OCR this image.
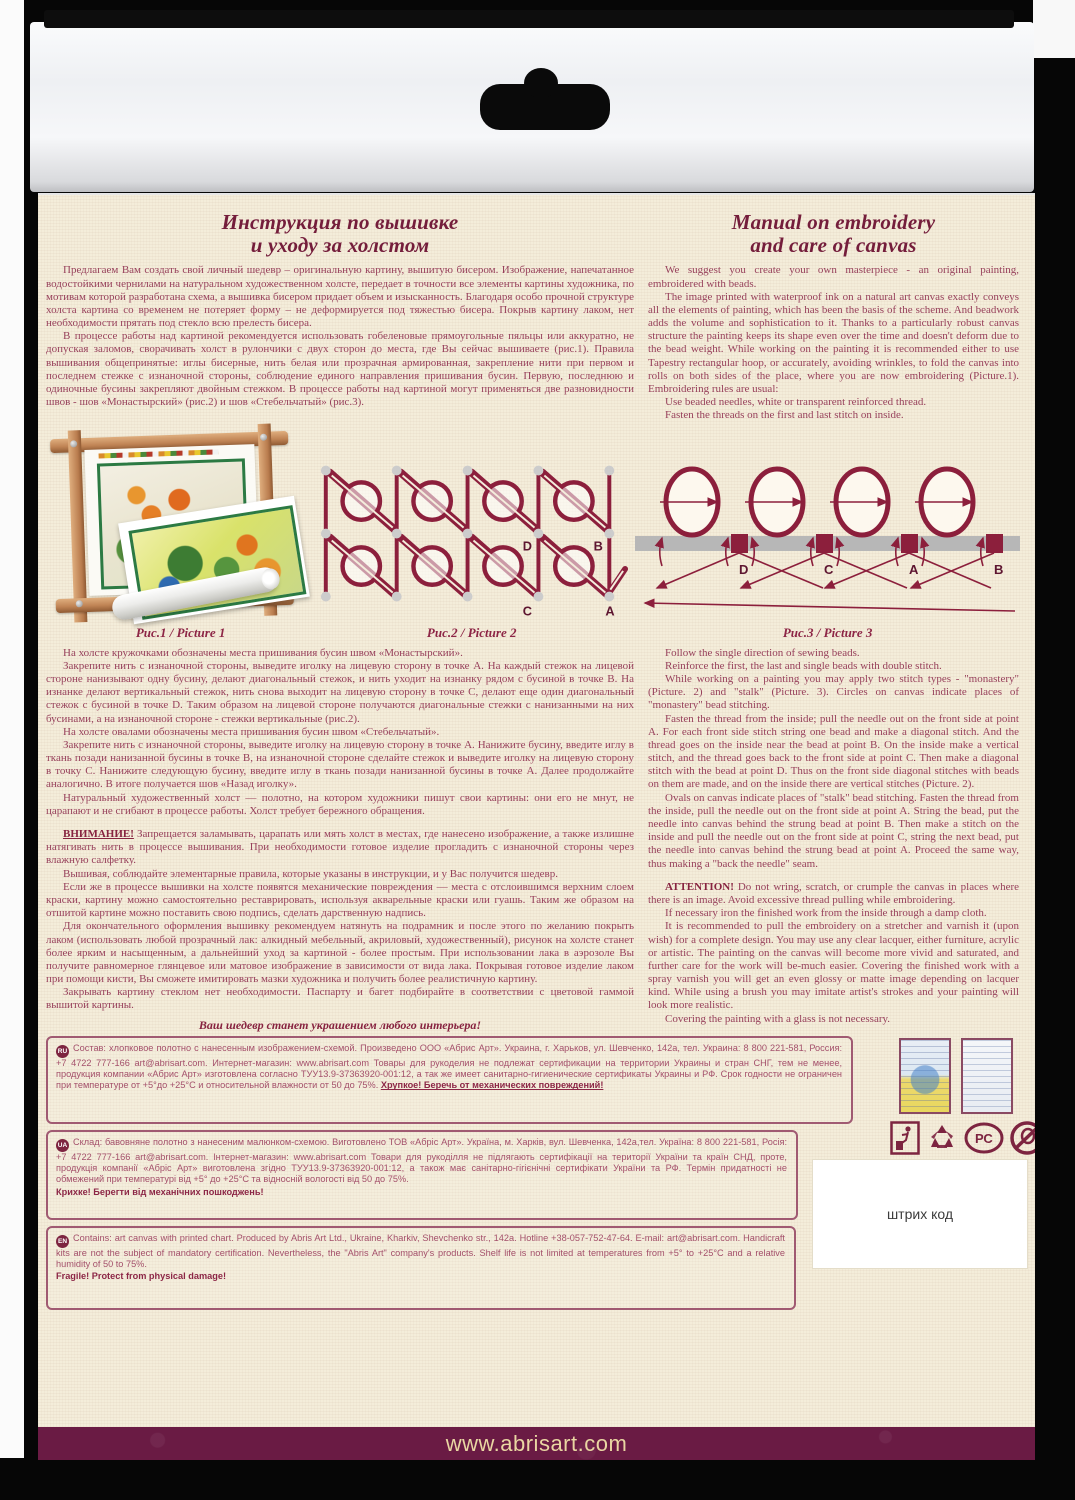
Инструкция по вышивке
и уходу за холстом

Предлагаем Вам создать свой личный шедевр – оригинальную картину, вышитую бисером. Изображение, напечатанное водостойкими чернилами на натуральном художественном холсте, передает в точности все элементы картины художника, по мотивам которой разработана схема, а вышивка бисером придает объем и изысканность. Благодаря особо прочной структуре холста картина со временем не потеряет форму – не деформируется под тяжестью бисера. Покрыв картину лаком, нет необходимости прятать под стекло всю прелесть бисера.

В процессе работы над картиной рекомендуется использовать гобеленовые прямоугольные пяльцы или аккуратно, не допуская заломов, сворачивать холст в рулончики с двух сторон до места, где Вы сейчас вышиваете (рис.1). Правила вышивания общепринятые: иглы бисерные, нить белая или прозрачная армированная, закрепление нити при первом и последнем стежке с изнаночной стороны, соблюдение единого направления пришивания бусин. Первую, последнюю и одиночные бусины закрепляют двойным стежком. В процессе работы над картиной могут применяться две разновидности швов - шов «Монастырский» (рис.2) и шов «Стебельчатый» (рис.3).

Manual on embroidery
and care of canvas

We suggest you create your own masterpiece - an original painting, embroidered with beads.

The image printed with waterproof ink on a natural art canvas exactly conveys all the elements of painting, which has been the basis of the scheme. And beadwork adds the volume and sophistication to it. Thanks to a particularly robust canvas structure the painting keeps its shape even over the time and doesn't deform due to the bead weight. While working on the painting it is recommended either to use Tapestry rectangular hoop, or accurately, avoiding wrinkles, to fold the canvas into rolls on both sides of the place, where you are now embroidering (Picture.1). Embroidering rules are usual:

Use beaded needles, white or transparent reinforced thread.

Fasten the threads on the first and last stitch on inside.

Рис.1 / Picture 1
D	B
C	A
Рис.2 / Picture 2
D	C	A	B
Рис.3 / Picture 3

На холсте кружочками обозначены места пришивания бусин швом «Монастырский».

Закрепите нить с изнаночной стороны, выведите иголку на лицевую сторону в точке А. На каждый стежок на лицевой стороне нанизывают одну бусину, делают диагональный стежок, и нить уходит на изнанку рядом с бусиной в точке В. На изнанке делают вертикальный стежок, нить снова выходит на лицевую сторону в точке С, делают еще один диагональный стежок с бусиной в точке D. Таким образом на лицевой стороне получаются диагональные стежки с нанизанными на них бусинами, а на изнаночной стороне - стежки вертикальные (рис.2).

На холсте овалами обозначены места пришивания бусин швом «Стебельчатый».

Закрепите нить с изнаночной стороны, выведите иголку на лицевую сторону в точке А. Нанижите бусину, введите иглу в ткань позади нанизанной бусины в точке В, на изнаночной стороне сделайте стежок и выведите иголку на лицевую сторону в точку С. Нанижите следующую бусину, введите иглу в ткань позади нанизанной бусины в точке А. Далее продолжайте аналогично. В итоге получается шов «Назад иголку».

Натуральный художественный холст — полотно, на котором художники пишут свои картины: они его не мнут, не царапают и не сгибают в процессе работы. Холст требует бережного обращения.

ВНИМАНИЕ! Запрещается заламывать, царапать или мять холст в местах, где нанесено изображение, а также излишне натягивать нить в процессе вышивания. При необходимости готовое изделие прогладить с изнаночной стороны через влажную салфетку.

Вышивая, соблюдайте элементарные правила, которые указаны в инструкции, и у Вас получится шедевр.

Если же в процессе вышивки на холсте появятся механические повреждения — места с отслоившимся верхним слоем краски, картину можно самостоятельно реставрировать, используя акварельные краски или гуашь. Таким же образом на отшитой картине можно поставить свою подпись, сделать дарственную надпись.

Для окончательного оформления вышивку рекомендуем натянуть на подрамник и после этого по желанию покрыть лаком (использовать любой прозрачный лак: алкидный мебельный, акриловый, художественный), рисунок на холсте станет более ярким и насыщенным, а дальнейший уход за картиной - более простым. При использовании лака в аэрозоле Вы получите равномерное глянцевое или матовое изображение в зависимости от вида лака. Покрывая готовое изделие лаком при помощи кисти, Вы сможете имитировать мазки художника и получить более реалистичную картину.

Закрывать картину стеклом нет необходимости. Паспарту и багет подбирайте в соответствии с цветовой гаммой вышитой картины.

Ваш шедевр станет украшением любого интерьера!

Follow the single direction of sewing beads.

Reinforce the first, the last and single beads with double stitch.

While working on a painting you may apply two stitch types - "monastery" (Picture. 2) and "stalk" (Picture. 3). Circles on canvas indicate places of "monastery" bead stitching.

Fasten the thread from the inside; pull the needle out on the front side at point A. For each front side stitch string one bead and make a diagonal stitch. And the thread goes on the inside near the bead at point B. On the inside make a vertical stitch, and the thread goes back to the front side at point C. Then make a diagonal stitch with the bead at point D. Thus on the front side diagonal stitches with beads on them are made, and on the inside there are vertical stitches (Picture. 2).

Ovals on canvas indicate places of "stalk" bead stitching. Fasten the thread from the inside, pull the needle out on the front side at point A. String the bead, put the needle into canvas behind the strung bead at point B. Then make a stitch on the inside and pull the needle out on the front side at point C, string the next bead, put the needle into canvas behind the strung bead at point A. Proceed the same way, thus making a "back the needle" seam.

ATTENTION! Do not wring, scratch, or crumple the canvas in places where there is an image. Avoid excessive thread pulling while embroidering.

If necessary iron the finished work from the inside through a damp cloth.

It is recommended to pull the embroidery on a stretcher and varnish it (upon wish) for a complete design. You may use any clear lacquer, either furniture, acrylic or artistic. The painting on the canvas will become more vivid and saturated, and further care for the work will be-much easier. Covering the finished work with a spray varnish you will get an even glossy or matte image depending on lacquer kind. While using a brush you may imitate artist's strokes and your painting will look more realistic.

Covering the painting with a glass is not necessary.

RU Состав: хлопковое полотно с нанесенным изображением-схемой. Произведено ООО «Абрис Арт». Украина, г. Харьков, ул. Шевченко, 142а, тел. Украина: 8 800 221-581, Россия: +7 4722 777-166 art@abrisart.com. Интернет-магазин: www.abrisart.com Товары для рукоделия не подлежат сертификации на территории Украины и стран СНГ, тем не менее, продукция компании «Абрис Арт» изготовлена согласно ТУУ13.9-37363920-001:12, а так же имеет санитарно-гигиенические сертификаты Украины и РФ. Срок годности не ограничен при температуре от +5°до +25°С и относительной влажности от 50 до 75%. Хрупкое! Беречь от механических повреждений!
UA Склад: бавовняне полотно з нанесеним малюнком-схемою. Виготовлено ТОВ «Абріс Арт». Україна, м. Харків, вул. Шевченка, 142а,тел. Україна: 8 800 221-581, Росія: +7 4722 777-166 art@abrisart.com. Інтернет-магазин: www.abrisart.com Товари для рукоділля не підлягають сертифікації на території України та країн СНД, проте, продукція компанії «Абріс Арт» виготовлена згідно ТУУ13.9-37363920-001:12, а також має санітарно-гігієнічні сертифікати України та РФ. Термін придатності не обмежений при температурі від +5° до +25°С та відносній вологості від 50 до 75%.
Крихке! Берегти від механічних пошкоджень!
EN Contains: art canvas with printed chart. Produced by Abris Art Ltd., Ukraine, Kharkiv, Shevchenko str., 142a. Hotline +38-057-752-47-64. E-mail: art@abrisart.com. Handicraft kits are not the subject of mandatory certification. Nevertheless, the "Abris Art" company's products. Shelf life is not limited at temperatures from +5° to +25°C and a relative humidity of 50 to 75%.
Fragile! Protect from physical damage!
РС
штрих код
www.abrisart.com
